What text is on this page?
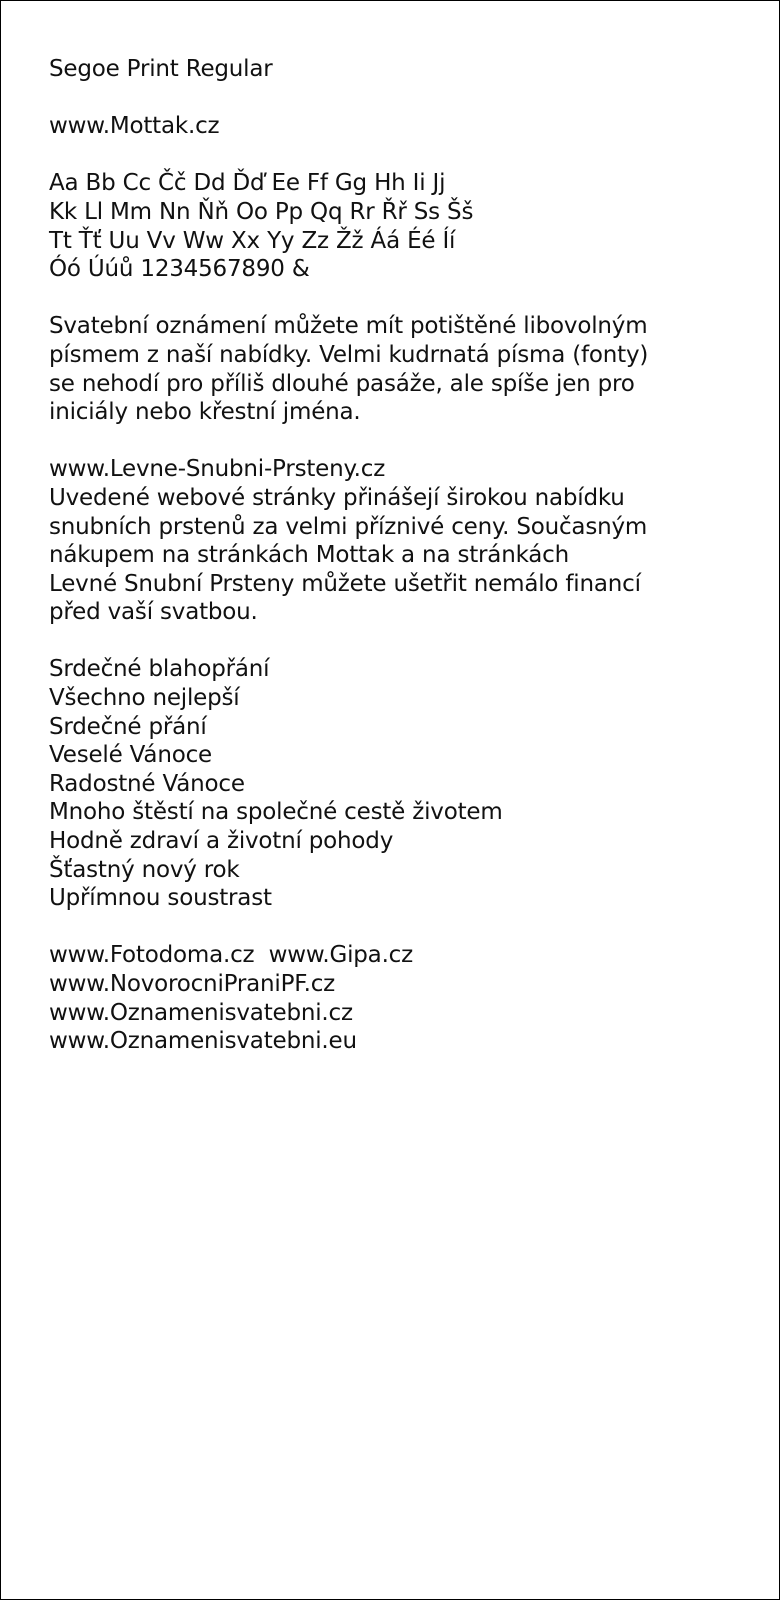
Segoe Print Regular
www.Mottak.cz
Aa Bb Cc Čč Dd Ďď Ee Ff Gg Hh Ii Jj
Kk Ll Mm Nn Ňň Oo Pp Qq Rr Řř Ss Šš
Tt Ťť Uu Vv Ww Xx Yy Zz Žž Áá Éé Íí
Óó Úúů 1234567890 &
Svatební oznámení můžete mít potištěné libovolným
písmem z naší nabídky. Velmi kudrnatá písma (fonty)
se nehodí pro příliš dlouhé pasáže, ale spíše jen pro
iniciály nebo křestní jména.
www.Levne-Snubni-Prsteny.cz
Uvedené webové stránky přinášejí širokou nabídku
snubních prstenů za velmi příznivé ceny. Současným
nákupem na stránkách Mottak a na stránkách
Levné Snubní Prsteny můžete ušetřit nemálo financí
před vaší svatbou.
Srdečné blahopřání
Všechno nejlepší
Srdečné přání
Veselé Vánoce
Radostné Vánoce
Mnoho štěstí na společné cestě životem
Hodně zdraví a životní pohody
Šťastný nový rok
Upřímnou soustrast
www.Fotodoma.cz  www.Gipa.cz
www.NovorocniPraniPF.cz
www.Oznamenisvatebni.cz
www.Oznamenisvatebni.eu
